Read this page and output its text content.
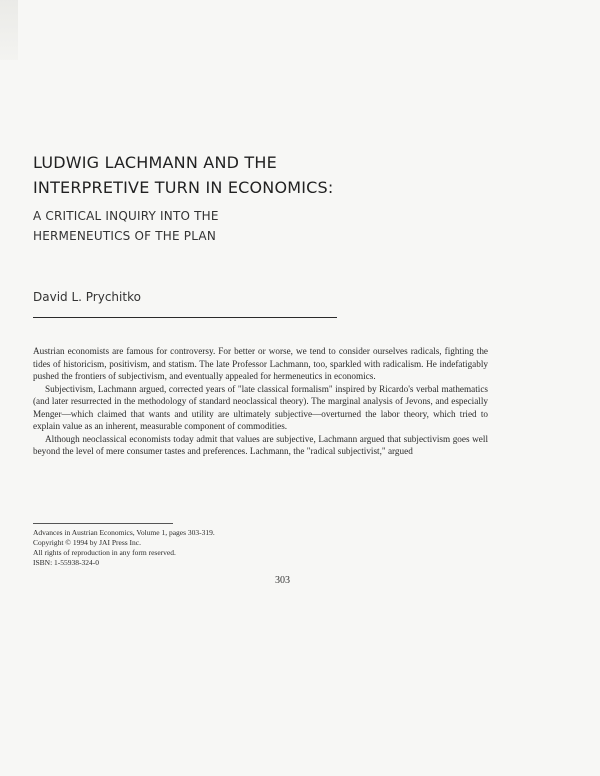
LUDWIG LACHMANN AND THE
INTERPRETIVE TURN IN ECONOMICS:
A CRITICAL INQUIRY INTO THE
HERMENEUTICS OF THE PLAN
David L. Prychitko

Austrian economists are famous for controversy. For better or worse, we tend to consider ourselves radicals, fighting the tides of historicism, positivism, and statism. The late Professor Lachmann, too, sparkled with radicalism. He indefatigably pushed the frontiers of subjectivism, and eventually appealed for hermeneutics in economics.

Subjectivism, Lachmann argued, corrected years of "late classical formalism" inspired by Ricardo's verbal mathematics (and later resurrected in the methodology of standard neoclassical theory). The marginal analysis of Jevons, and especially Menger—which claimed that wants and utility are ultimately subjective—overturned the labor theory, which tried to explain value as an inherent, measurable component of commodities.

Although neoclassical economists today admit that values are subjective, Lachmann argued that subjectivism goes well beyond the level of mere consumer tastes and preferences. Lachmann, the "radical subjectivist," argued

Advances in Austrian Economics, Volume 1, pages 303-319.
Copyright © 1994 by JAI Press Inc.
All rights of reproduction in any form reserved.
ISBN: 1-55938-324-0
303
